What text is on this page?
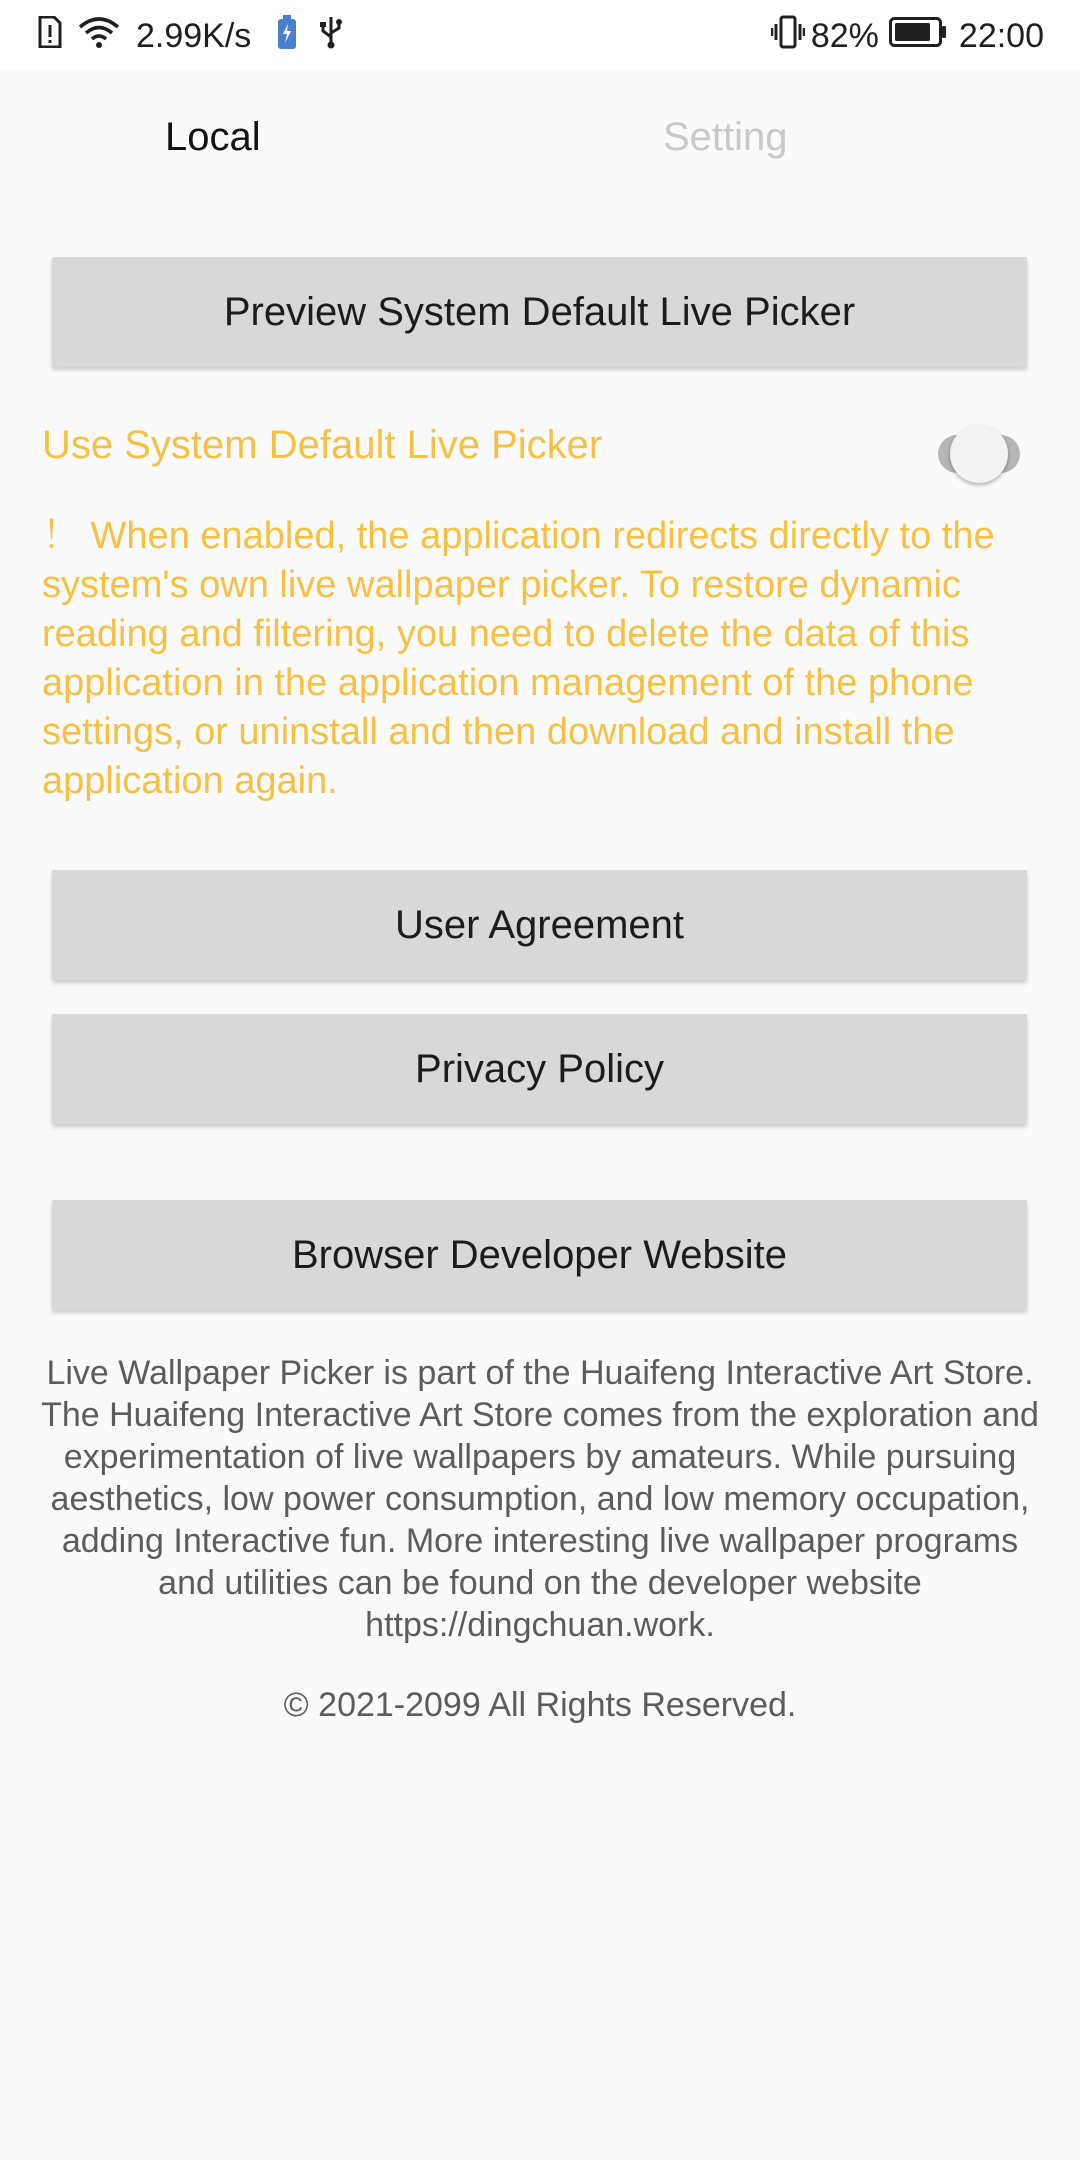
2.99K/s	82% 22:00
Local	Setting
Preview System Default Live Picker
Use System Default Live Picker

！ When enabled, the application redirects directly to the system's own live wallpaper picker. To restore dynamic reading and filtering, you need to delete the data of this application in the application management of the phone settings, or uninstall and then download and install the application again.

User Agreement
Privacy Policy
Browser Developer Website

Live Wallpaper Picker is part of the Huaifeng Interactive Art Store. The Huaifeng Interactive Art Store comes from the exploration and experimentation of live wallpapers by amateurs. While pursuing aesthetics, low power consumption, and low memory occupation, adding Interactive fun. More interesting live wallpaper programs and utilities can be found on the developer website https://dingchuan.work.

© 2021-2099 All Rights Reserved.
